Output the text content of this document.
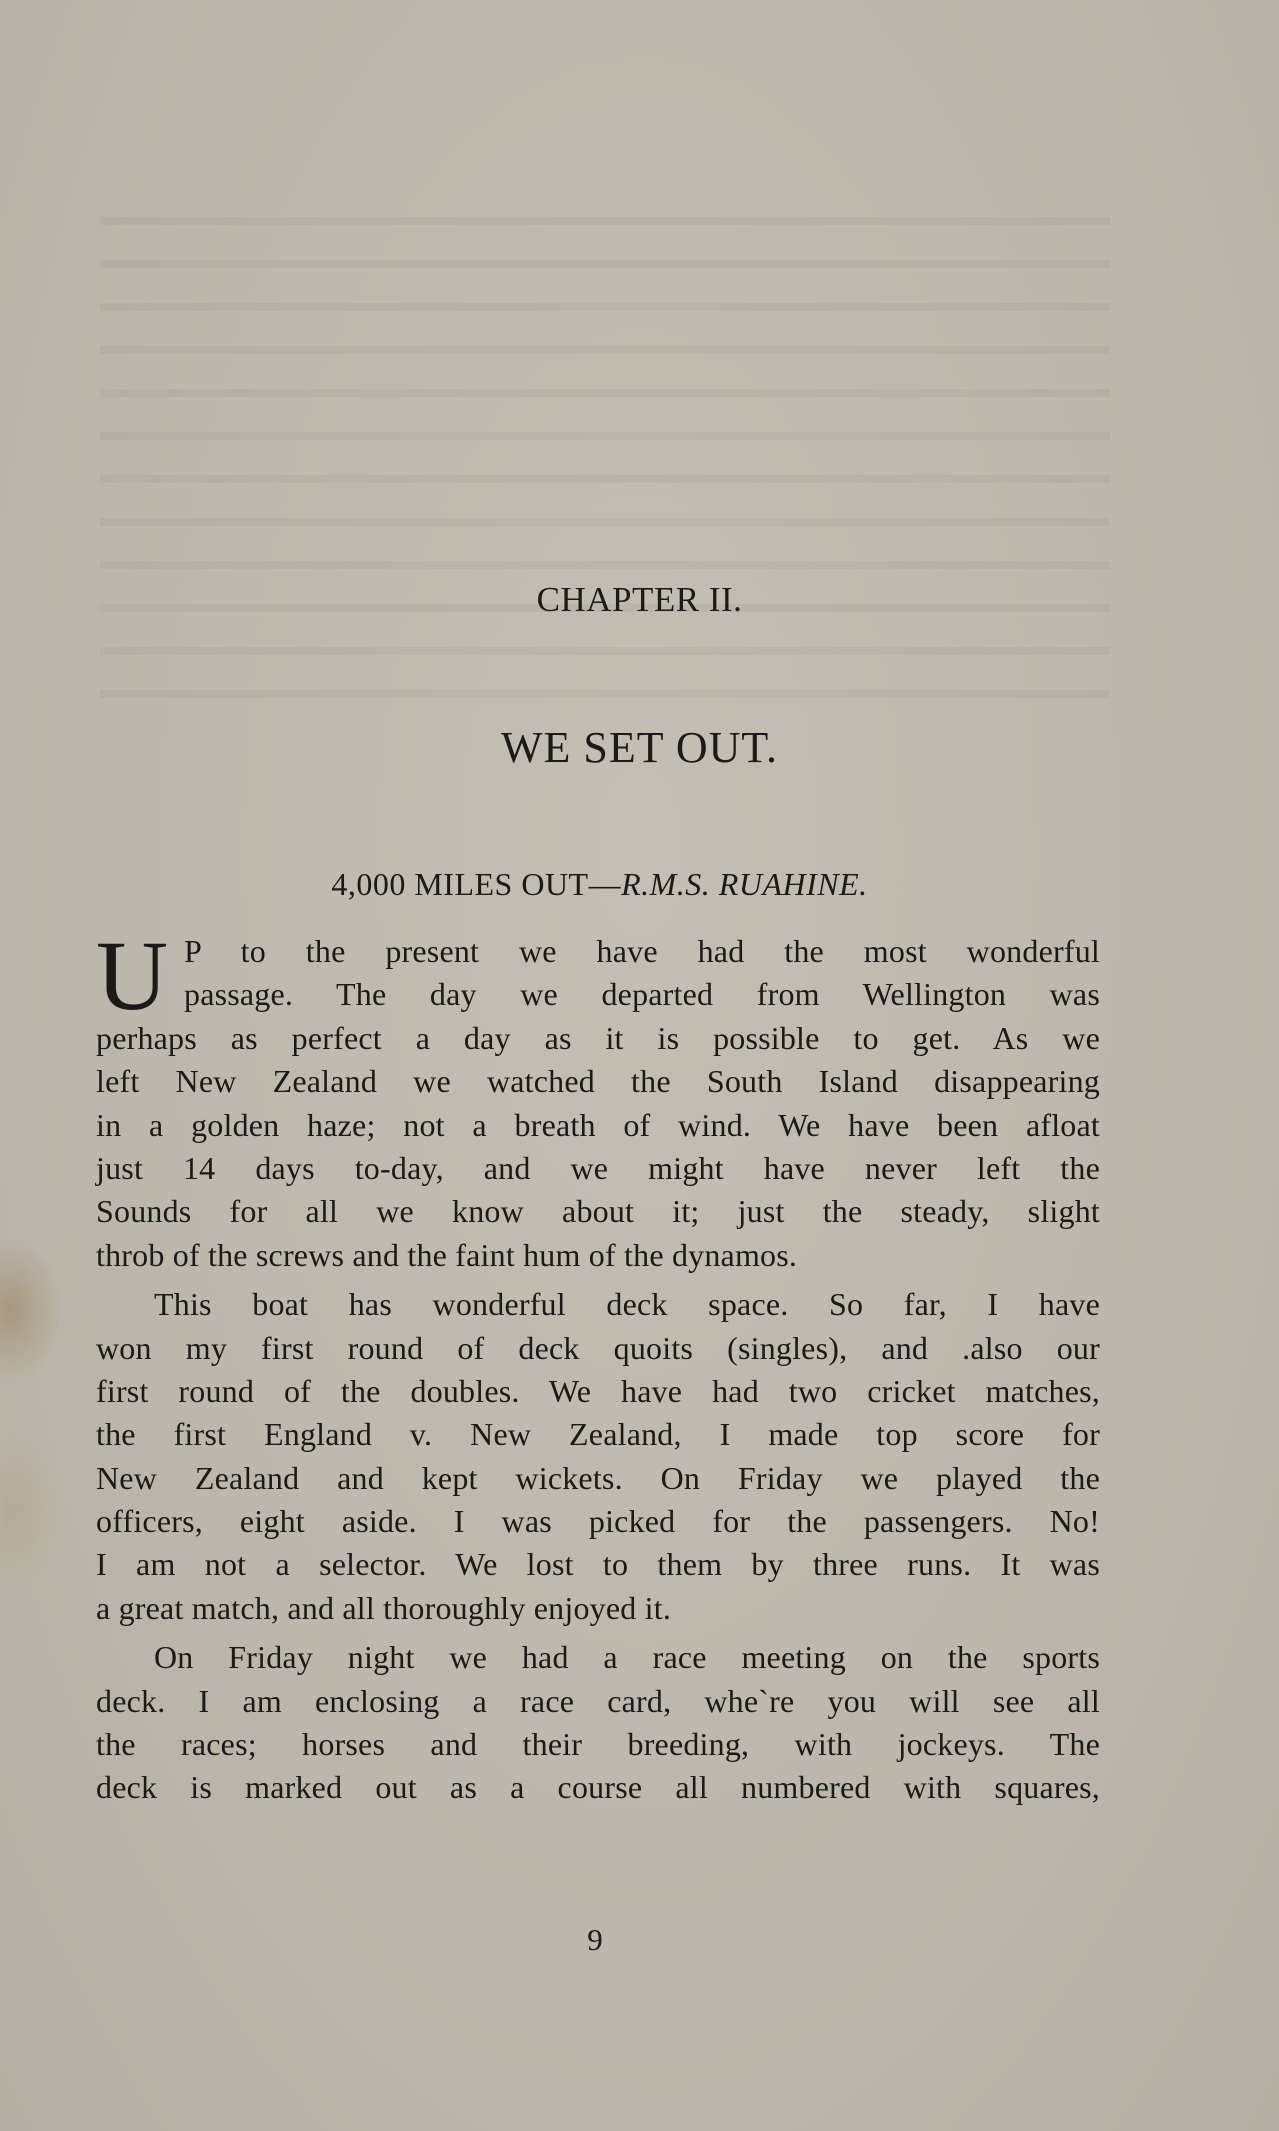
CHAPTER II.
WE SET OUT.
4,000 MILES OUT—R.M.S. RUAHINE.
U P to the present we have had the most wonderful
passage. The day we departed from Wellington was
perhaps as perfect a day as it is possible to get. As we
left New Zealand we watched the South Island disappearing
in a golden haze; not a breath of wind. We have been afloat
just 14 days to-day, and we might have never left the
Sounds for all we know about it; just the steady, slight
throb of the screws and the faint hum of the dynamos.
This boat has wonderful deck space. So far, I have
won my first round of deck quoits (singles), and .also our
first round of the doubles. We have had two cricket matches,
the first England v. New Zealand, I made top score for
New Zealand and kept wickets. On Friday we played the
officers, eight aside. I was picked for the passengers. No!
I am not a selector. We lost to them by three runs. It was
a great match, and all thoroughly enjoyed it.
On Friday night we had a race meeting on the sports
deck. I am enclosing a race card, whe`re you will see all
the races; horses and their breeding, with jockeys. The
deck is marked out as a course all numbered with squares,
9
